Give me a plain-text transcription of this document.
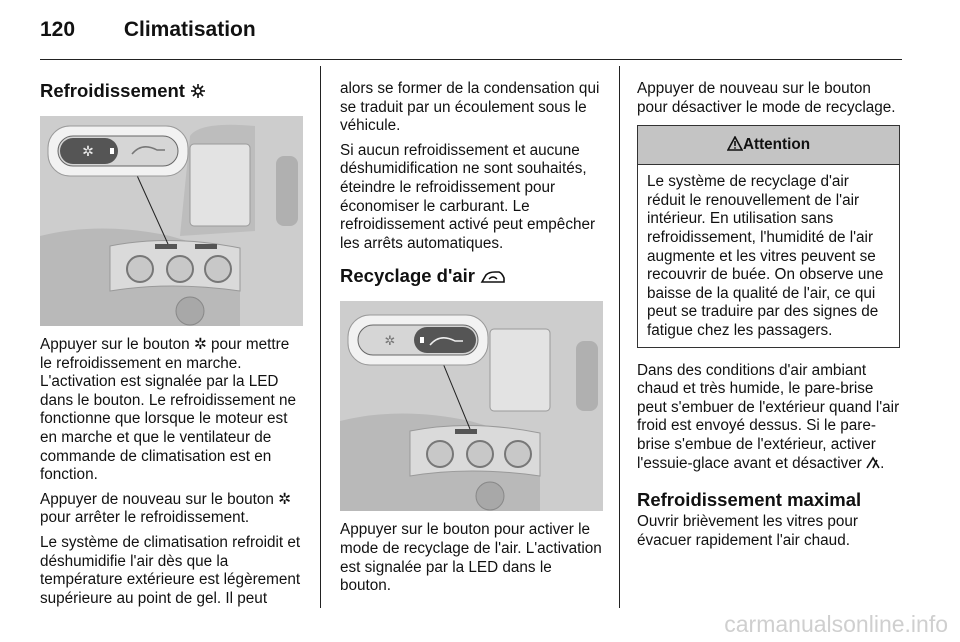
120 Climatisation
Refroidissement
✲

Appuyer sur le bouton ✲ pour mettre le refroidissement en marche. L'activation est signalée par la LED dans le bouton. Le refroidissement ne fonctionne que lorsque le moteur est en marche et que le ventilateur de commande de climatisation est en fonction.

Appuyer de nouveau sur le bouton ✲ pour arrêter le refroidissement.

Le système de climatisation refroidit et déshumidifie l'air dès que la température extérieure est légèrement supérieure au point de gel. Il peut

alors se former de la condensation qui se traduit par un écoulement sous le véhicule.

Si aucun refroidissement et aucune déshumidification ne sont souhaités, éteindre le refroidissement pour économiser le carburant. Le refroidissement activé peut empêcher les arrêts automatiques.

Recyclage d'air
✲

Appuyer sur le bouton pour activer le mode de recyclage de l'air. L'activation est signalée par la LED dans le bouton.

Appuyer de nouveau sur le bouton pour désactiver le mode de recyclage.

Attention
Le système de recyclage d'air réduit le renouvellement de l'air intérieur. En utilisation sans refroidissement, l'humidité de l'air augmente et les vitres peuvent se recouvrir de buée. On observe une baisse de la qualité de l'air, ce qui peut se traduire par des signes de fatigue chez les passagers.

Dans des conditions d'air ambiant chaud et très humide, le pare-brise peut s'embuer de l'extérieur quand l'air froid est envoyé dessus. Si le pare-brise s'embue de l'extérieur, activer l'essuie-glace avant et désactiver .

Refroidissement maximal

Ouvrir brièvement les vitres pour évacuer rapidement l'air chaud.

carmanualsonline.info
